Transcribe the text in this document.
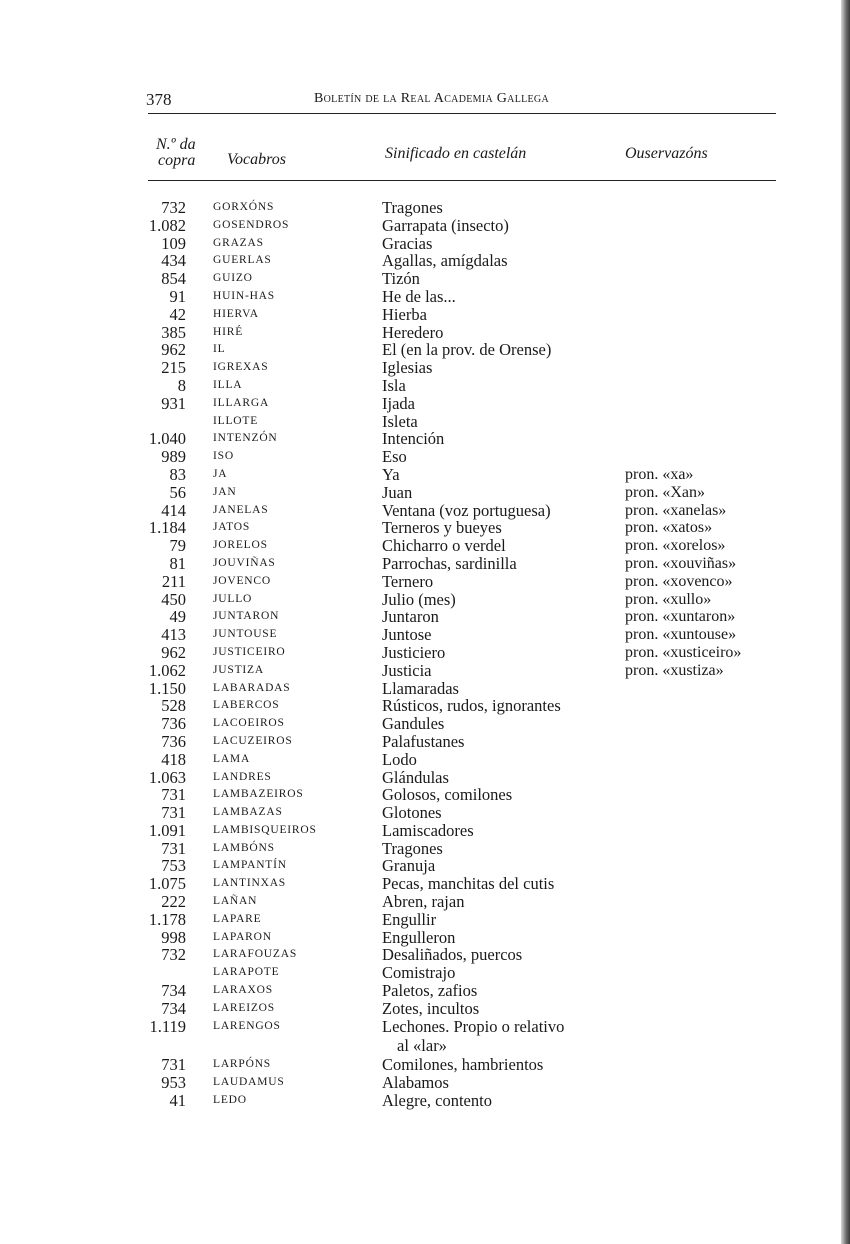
378	Boletín de la Real Academia Gallega
N.º da
copra Vocabros	Sinificado en castelán	Ouservazóns
732 GORXÓNS	Tragones
1.082 GOSENDROS	Garrapata (insecto)
109 GRAZAS	Gracias
434 GUERLAS	Agallas, amígdalas
854 GUIZO	Tizón
91 HUIN-HAS	He de las...
42 HIERVA	Hierba
385 HIRÉ	Heredero
962 IL	El (en la prov. de Orense)
215 IGREXAS	Iglesias
8 ILLA	Isla
931 ILLARGA	Ijada
ILLOTE	Isleta
1.040 INTENZÓN	Intención
989 ISO	Eso
83 JA	Ya	pron. «xa»
56 JAN	Juan	pron. «Xan»
414 JANELAS	Ventana (voz portuguesa)	pron. «xanelas»
1.184 JATOS	Terneros y bueyes	pron. «xatos»
79 JORELOS	Chicharro o verdel	pron. «xorelos»
81 JOUVIÑAS	Parrochas, sardinilla	pron. «xouviñas»
211 JOVENCO	Ternero	pron. «xovenco»
450 JULLO	Julio (mes)	pron. «xullo»
49 JUNTARON	Juntaron	pron. «xuntaron»
413 JUNTOUSE	Juntose	pron. «xuntouse»
962 JUSTICEIRO	Justiciero	pron. «xusticeiro»
1.062 JUSTIZA	Justicia	pron. «xustiza»
1.150 LABARADAS	Llamaradas
528 LABERCOS	Rústicos, rudos, ignorantes
736 LACOEIROS	Gandules
736 LACUZEIROS	Palafustanes
418 LAMA	Lodo
1.063 LANDRES	Glándulas
731 LAMBAZEIROS	Golosos, comilones
731 LAMBAZAS	Glotones
1.091 LAMBISQUEIROS	Lamiscadores
731 LAMBÓNS	Tragones
753 LAMPANTÍN	Granuja
1.075 LANTINXAS	Pecas, manchitas del cutis
222 LAÑAN	Abren, rajan
1.178 LAPARE	Engullir
998 LAPARON	Engulleron
732 LARAFOUZAS	Desaliñados, puercos
LARAPOTE	Comistrajo
734 LARAXOS	Paletos, zafios
734 LAREIZOS	Zotes, incultos
1.119 LARENGOS	Lechones. Propio o relativo
al «lar»
731 LARPÓNS	Comilones, hambrientos
953 LAUDAMUS	Alabamos
41 LEDO	Alegre, contento
